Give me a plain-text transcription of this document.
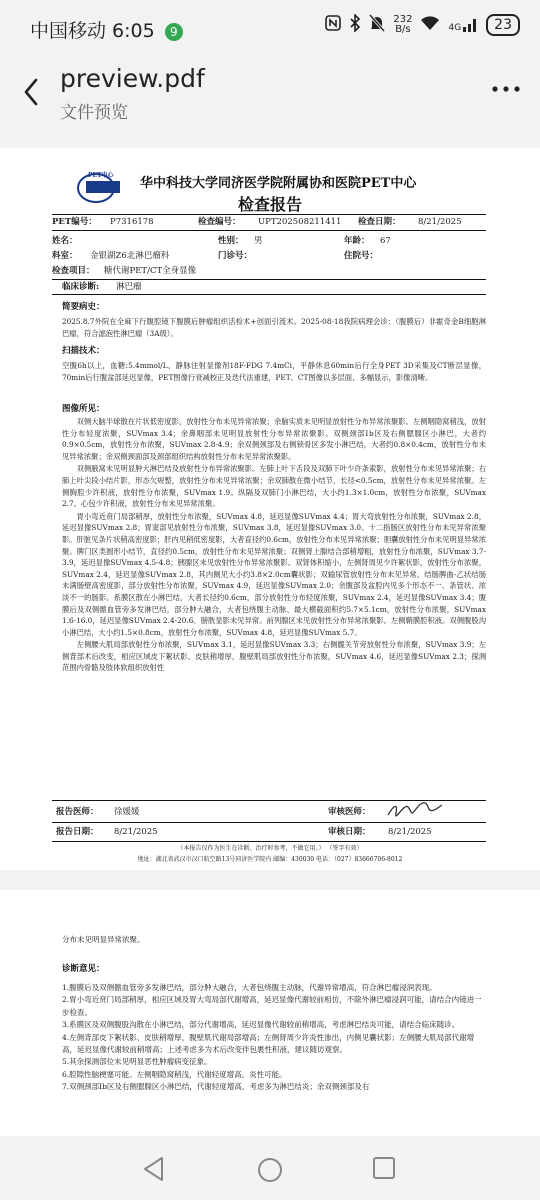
中国移动 6:05 9
232
B/s	4G	23
preview.pdf
文件预览
PET中心
华中科技大学同济医学院附属协和医院PET中心
检查报告
PET编号： P7316178	检查编号： UPT202508211411 检查日期： 8/21/2025
姓名：	性别： 男	年龄： 67
科室： 金银湖Z6北淋巴瘤科	门诊号：	住院号：
检查项目： 糖代谢PET/CT全身显像
临床诊断: 淋巴瘤
简要病史：
2025.8.7外院在全麻下行腹腔镜下腹膜后肿瘤组织活检术+创面引流术。2025-08-18我院病理会诊：（腹膜后）非霍奇金B细胞淋巴瘤，符合滤泡性淋巴瘤（3A级）。
扫描技术：
空腹6h以上，血糖:5.4mmol/L，静脉注射显像剂18F-FDG 7.4mCi，平静休息60min后行全身PET 3D采集及CT断层显像，70min后行腹盆部延迟显像，PET图像行衰减校正及迭代法重建，PET、CT图像以多层面、多幅显示，影像清晰。
图像所见：

双侧大脑半球散在片状低密度影，放射性分布未见异常浓聚；余脑实质未见明显放射性分布异常浓聚影。左侧咽隐窝稍浅，放射性分布轻度浓聚，SUVmax 3.4；余鼻咽部未见明显放射性分布异常浓聚影。双侧颈部Ⅰb区及右侧腮腺区小淋巴，大者约0.9×0.5cm，放射性分布浓聚，SUVmax 2.8-4.9；余双侧颈部及右侧锁骨区多发小淋巴结，大者约0.8×0.4cm，放射性分布未见异常浓聚；余双侧颈面部及颈部组织结构放射性分布未见异常浓聚影。

双侧腋窝未见明显肿大淋巴结及放射性分布异常浓聚影。左肺上叶下舌段及双肺下叶少许条索影，放射性分布未见异常浓聚；右肺上叶尖段小结片影，形态欠规整，放射性分布未见异常浓聚；余双肺散在微小结节，长径<0.5cm，放射性分布未见异常浓聚。左侧胸腔少许积液，放射性分布浓聚，SUVmax 1.9。纵隔及双肺门小淋巴结，大小约1.3×1.0cm，放射性分布浓聚，SUVmax 2.7。心包少许积液，放射性分布未见异常浓聚。

胃小弯近贲门局部稍厚，放射性分布浓聚，SUVmax 4.8，延迟显像SUVmax 4.4；胃大弯放射性分布浓聚，SUVmax 2.8，延迟显像SUVmax 2.8；胃窦部见放射性分布浓聚，SUVmax 3.8，延迟显像SUVmax 3.0。十二指肠区放射性分布未见异常浓聚影。肝脏见条片状稍高密度影；肝内见稍低密度影，大者直径约0.6cm，放射性分布未见异常浓聚；胆囊放射性分布未见明显异常浓聚。脾门区类圆形小结节，直径约0.5cm，放射性分布未见异常浓聚；双侧肾上腺结合部稍增粗，放射性分布浓聚，SUVmax 3.7-3.9，延迟显像SUVmax 4.5-4.8；胰腺区未见放射性分布异常浓聚影。双肾体积缩小，左侧肾周见少许絮状影，放射性分布浓聚，SUVmax 2.4，延迟显像SUVmax 2.8，其内侧见大小约3.8×2.0cm囊状影；双输尿管放射性分布未见异常。结肠脾曲-乙状结肠未满肠壁高密度影，部分放射性分布浓聚，SUVmax 4.9，延迟显像SUVmax 2.0；余腹部及盆腔内见多个形态不一、条管状、浓淡不一的肠影。系膜区散在小淋巴结，大者长径约0.6cm，部分放射性分布轻度浓聚，SUVmax 2.4，延迟显像SUVmax 3.4；腹膜后及双侧髂血管旁多发淋巴结，部分肿大融合，大者包绕腹主动脉、最大横截面积约5.7×5.1cm，放射性分布浓聚，SUVmax 1.6-16.0，延迟显像SUVmax 2.4-20.6。膀胱显影未见异常。前列腺区未见放射性分布异常浓聚影。左侧鞘膜腔积液。双侧腹股沟小淋巴结，大小约1.5×0.8cm，放射性分布浓聚，SUVmax 4.8，延迟显像SUVmax 5.7。

左侧腰大肌局部放射性分布浓聚，SUVmax 3.1，延迟显像SUVmax 3.3；右侧髋关节旁放射性分布浓聚，SUVmax 3.9；左侧背部术后改变，相应区域皮下絮状影、皮肤稍增厚，腹壁肌局部放射性分布浓聚，SUVmax 4.6，延迟显像SUVmax 2.3；探测范围内骨骼及肢体软组织放射性

报告医师： 徐媛媛	审核医师：
报告日期： 8/21/2025	审核日期： 8/21/2025
（本报告仅作为医生在诊断、治疗时参考，不做它用。） （签字有效）
地址：湖北省武汉市汉口航空路13号同济医学院内 邮编：430030 电话：（027）83666706-8012
分布未见明显异常浓聚。
诊断意见：

1.腹膜后及双侧髂血管旁多发淋巴结，部分肿大融合，大者包绕腹主动脉，代谢异常增高，符合淋巴瘤浸润表现。

2.胃小弯近贲门局部稍厚，相应区域及胃大弯局部代谢增高，延迟显像代谢较前相仿，不除外淋巴瘤浸润可能，请结合内镜进一步检查。

3.系膜区及双侧腹股沟散在小淋巴结，部分代谢增高，延迟显像代谢较前稍增高，考虑淋巴结炎可能，请结合临床随诊。

4.左侧背部皮下絮状影、皮肤稍增厚，腹壁肌代谢局部增高；左侧肾周少许炎性渗出，内侧见囊状影；左侧腰大肌局部代谢增高，延迟显像代谢较前稍增高；上述考虑多为术后改变伴包裹性积液，建议随访观察。

5.其余探测部位未见明显恶性肿瘤病变征象。

6.腔隙性脑梗塞可能。左侧咽隐窝稍浅，代谢轻度增高，炎性可能。

7.双侧颈部Ⅰb区及右侧腮腺区小淋巴结，代谢轻度增高，考虑多为淋巴结炎；余双侧颈部及右
